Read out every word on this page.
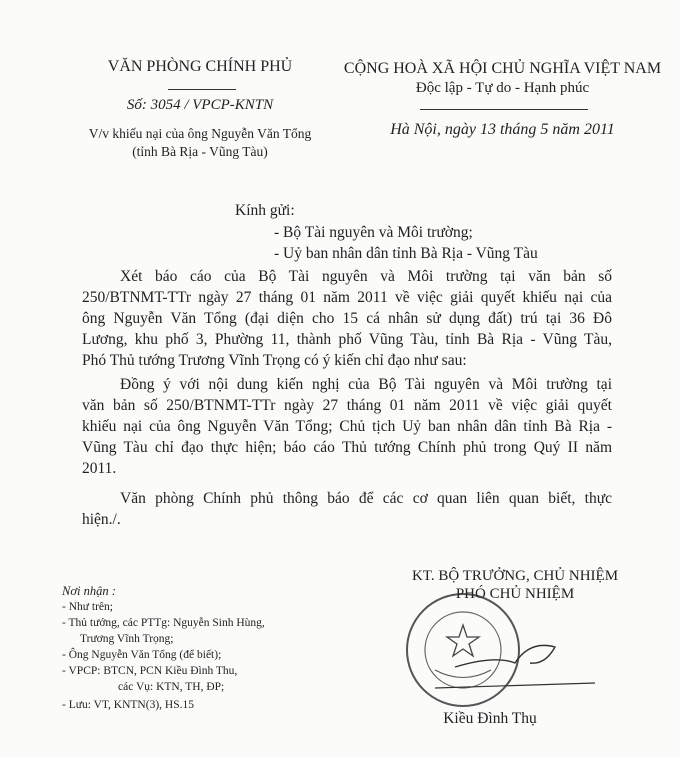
VĂN PHÒNG CHÍNH PHỦ
Số: 3054 / VPCP-KNTN
V/v khiếu nại của ông Nguyễn Văn Tổng
(tỉnh Bà Rịa - Vũng Tàu)
CỘNG HOÀ XÃ HỘI CHỦ NGHĨA VIỆT NAM
Độc lập - Tự do - Hạnh phúc
Hà Nội, ngày 13 tháng 5 năm 2011
Kính gửi:
- Bộ Tài nguyên và Môi trường;
- Uỷ ban nhân dân tỉnh Bà Rịa - Vũng Tàu
Xét báo cáo của Bộ Tài nguyên và Môi trường tại văn bản số
250/BTNMT-TTr ngày 27 tháng 01 năm 2011 về việc giải quyết khiếu nại của
ông Nguyễn Văn Tổng (đại diện cho 15 cá nhân sử dụng đất) trú tại 36 Đô
Lương, khu phố 3, Phường 11, thành phố Vũng Tàu, tỉnh Bà Rịa - Vũng Tàu,
Phó Thủ tướng Trương Vĩnh Trọng có ý kiến chỉ đạo như sau:
Đồng ý với nội dung kiến nghị của Bộ Tài nguyên và Môi trường tại
văn bản số 250/BTNMT-TTr ngày 27 tháng 01 năm 2011 về việc giải quyết
khiếu nại của ông Nguyễn Văn Tổng; Chủ tịch Uỷ ban nhân dân tỉnh Bà Rịa -
Vũng Tàu chỉ đạo thực hiện; báo cáo Thủ tướng Chính phủ trong Quý II năm
2011.
Văn phòng Chính phủ thông báo để các cơ quan liên quan biết, thực
hiện./.
Nơi nhận :
- Như trên;
- Thủ tướng, các PTTg: Nguyễn Sinh Hùng,
Trương Vĩnh Trọng;
- Ông Nguyễn Văn Tổng (để biết);
- VPCP: BTCN, PCN Kiều Đình Thu,
các Vụ: KTN, TH, ĐP;
- Lưu: VT, KNTN(3), HS.15
KT. BỘ TRƯỞNG, CHỦ NHIỆM
PHÓ CHỦ NHIỆM
Kiều Đình Thụ
